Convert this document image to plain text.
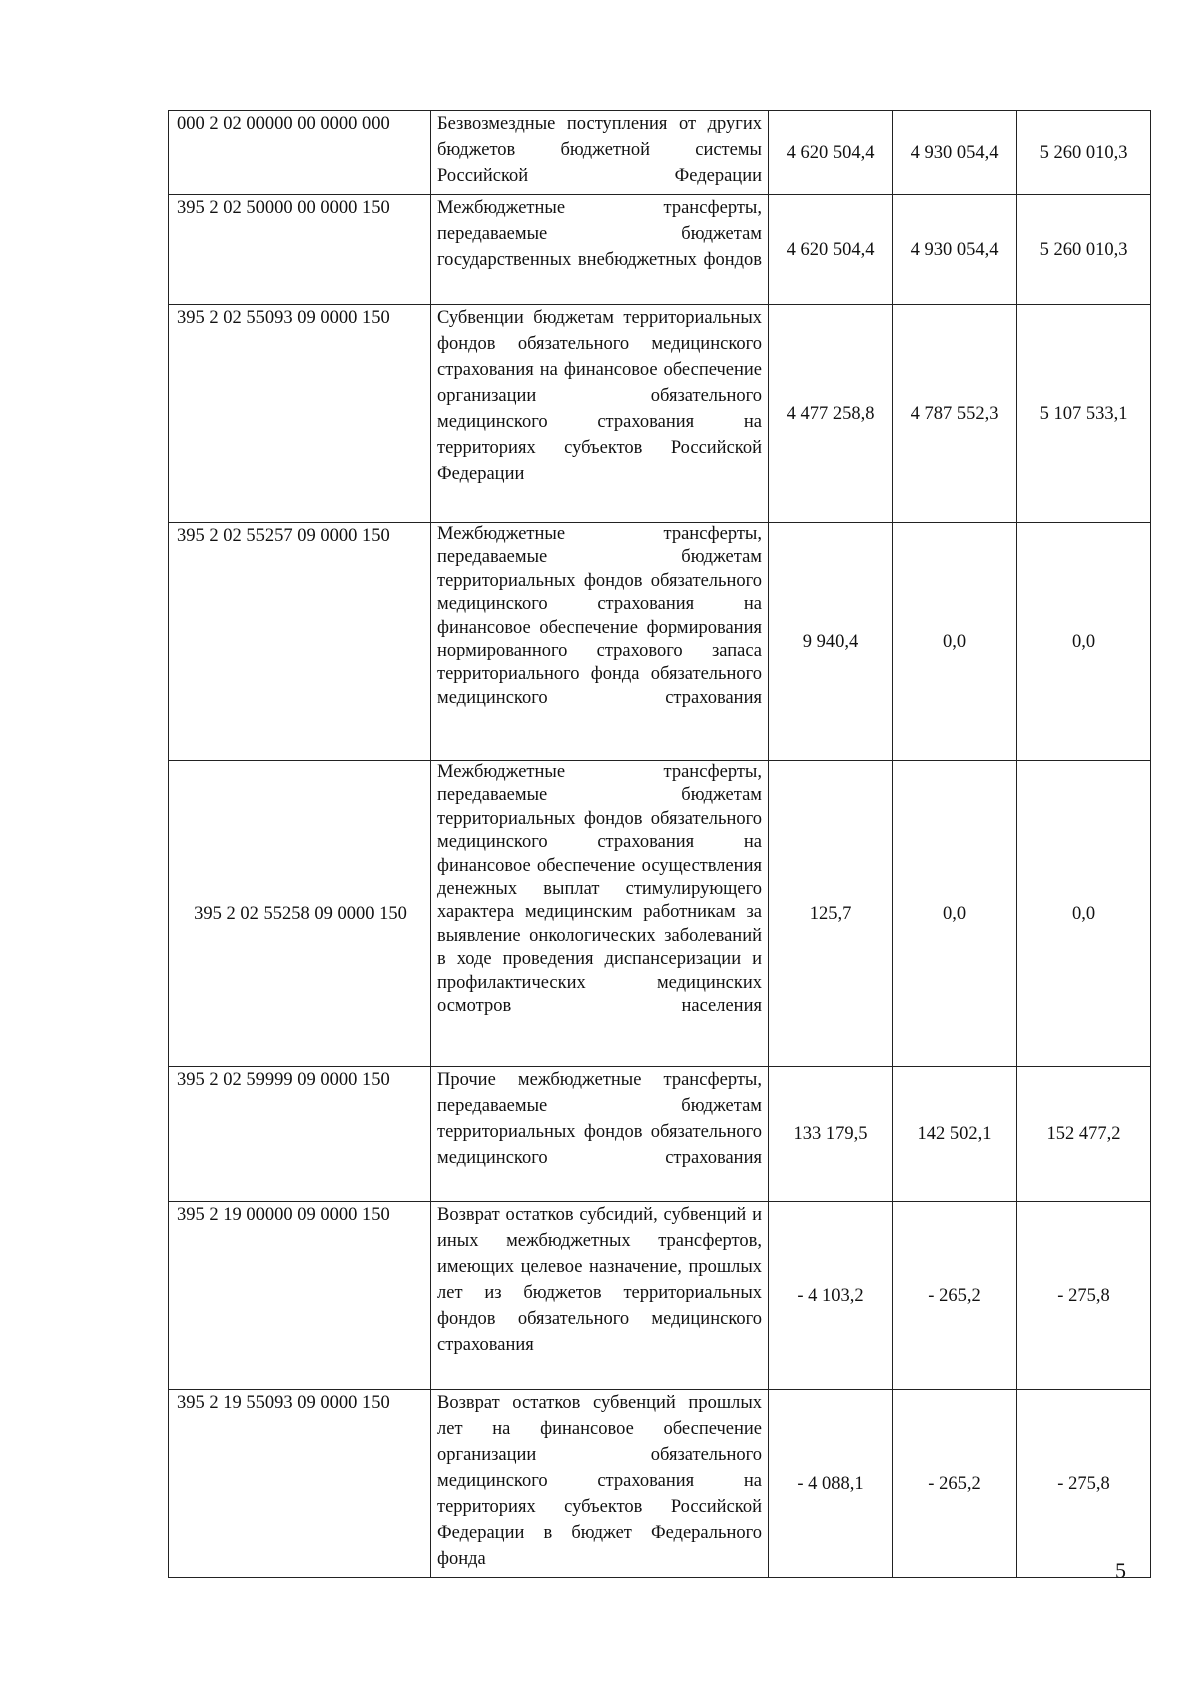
000 2 02 00000 00 0000 000	Безвозмездные поступления от других бюджетов бюджетной системы Российской Федерации	4 620 504,4	4 930 054,4	5 260 010,3
395 2 02 50000 00 0000 150	Межбюджетные трансферты, передаваемые бюджетам государственных внебюджетных фондов	4 620 504,4	4 930 054,4	5 260 010,3
395 2 02 55093 09 0000 150	Субвенции бюджетам территориальных фондов обязательного медицинского страхования на финансовое обеспечение организации обязательного медицинского страхования на территориях субъектов Российской Федерации	4 477 258,8	4 787 552,3	5 107 533,1
395 2 02 55257 09 0000 150	Межбюджетные трансферты, передаваемые бюджетам территориальных фондов обязательного медицинского страхования на финансовое обеспечение формирования нормированного страхового запаса территориального фонда обязательного медицинского страхования	9 940,4	0,0	0,0
395 2 02 55258 09 0000 150	Межбюджетные трансферты, передаваемые бюджетам территориальных фондов обязательного медицинского страхования на финансовое обеспечение осуществления денежных выплат стимулирующего характера медицинским работникам за выявление онкологических заболеваний в ходе проведения диспансеризации и профилактических медицинских осмотров населения	125,7	0,0	0,0
395 2 02 59999 09 0000 150	Прочие межбюджетные трансферты, передаваемые бюджетам территориальных фондов обязательного медицинского страхования	133 179,5	142 502,1	152 477,2
395 2 19 00000 09 0000 150	Возврат остатков субсидий, субвенций и иных межбюджетных трансфертов, имеющих целевое назначение, прошлых лет из бюджетов территориальных фондов обязательного медицинского страхования	- 4 103,2	- 265,2	- 275,8
395 2 19 55093 09 0000 150	Возврат остатков субвенций прошлых лет на финансовое обеспечение организации обязательного медицинского страхования на территориях субъектов Российской Федерации в бюджет Федерального фонда	- 4 088,1	- 265,2	- 275,8
5
